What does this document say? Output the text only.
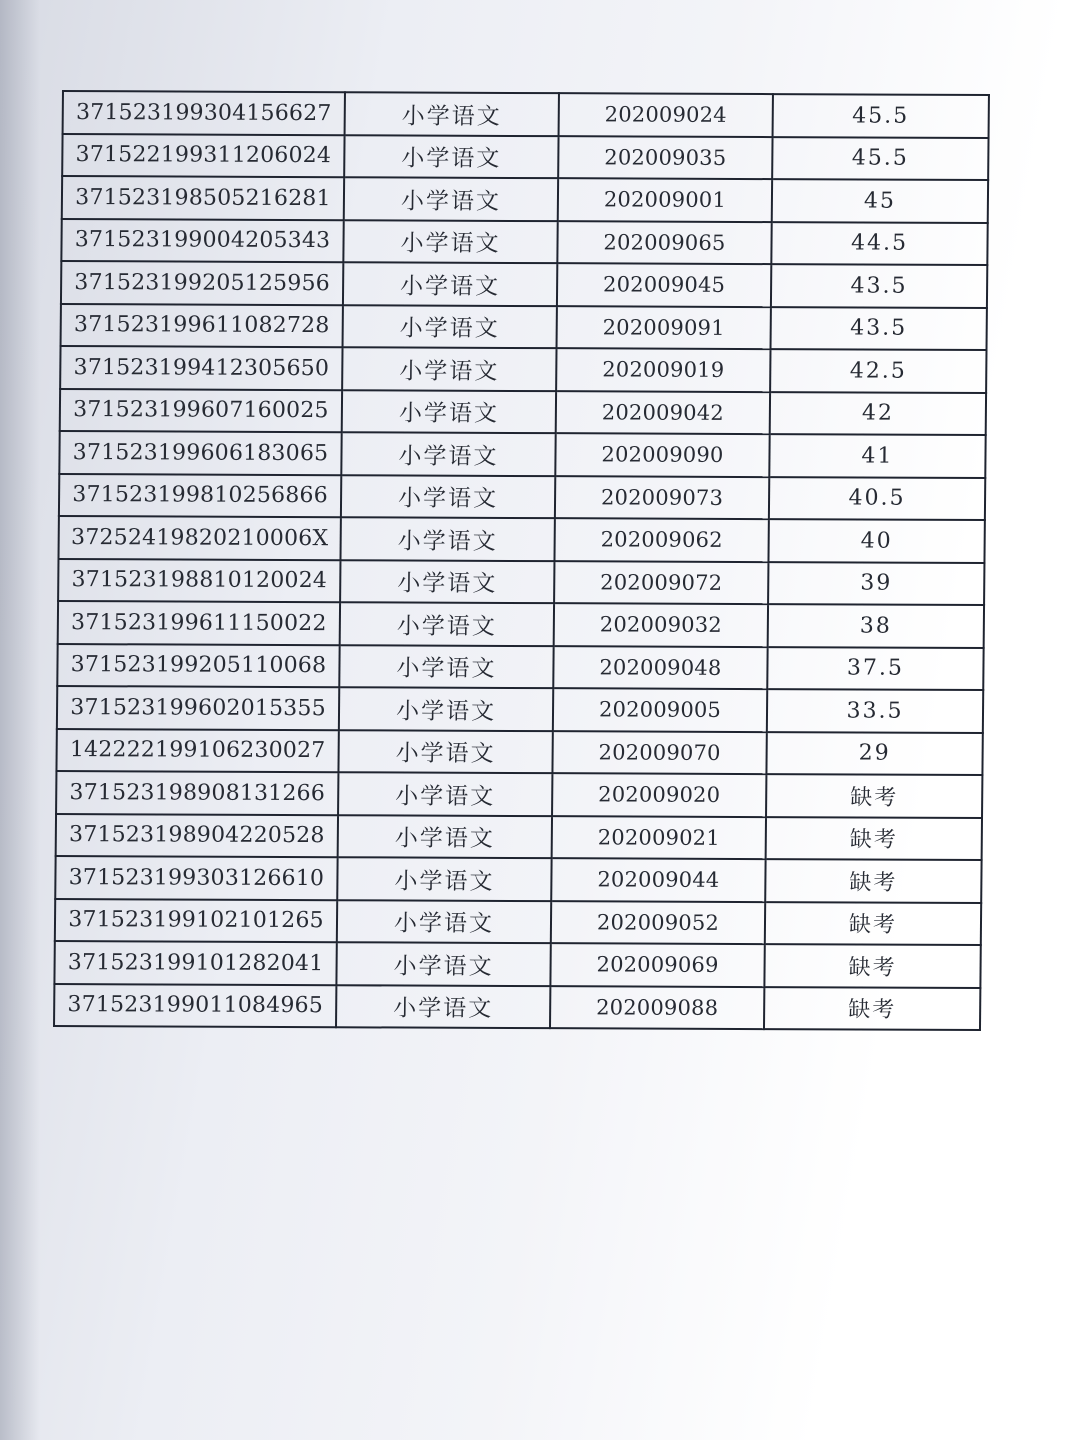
371523199304156627	小学语文	202009024	45.5
371522199311206024	小学语文	202009035	45.5
371523198505216281	小学语文	202009001	45
371523199004205343	小学语文	202009065	44.5
371523199205125956	小学语文	202009045	43.5
371523199611082728	小学语文	202009091	43.5
371523199412305650	小学语文	202009019	42.5
371523199607160025	小学语文	202009042	42
371523199606183065	小学语文	202009090	41
371523199810256866	小学语文	202009073	40.5
37252419820210006X	小学语文	202009062	40
371523198810120024	小学语文	202009072	39
371523199611150022	小学语文	202009032	38
371523199205110068	小学语文	202009048	37.5
371523199602015355	小学语文	202009005	33.5
142222199106230027	小学语文	202009070	29
371523198908131266	小学语文	202009020	缺考
371523198904220528	小学语文	202009021	缺考
371523199303126610	小学语文	202009044	缺考
371523199102101265	小学语文	202009052	缺考
371523199101282041	小学语文	202009069	缺考
371523199011084965	小学语文	202009088	缺考
